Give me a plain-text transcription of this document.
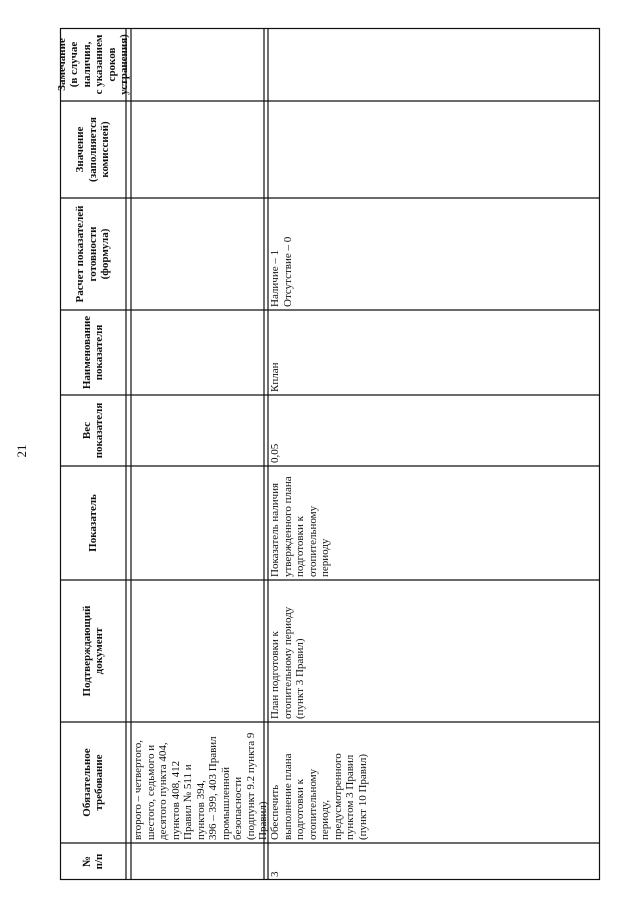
21
№ п/п
Обязательное требование
Подтверждающий документ
Показатель
Вес показателя
Наименование показателя
Расчет показателей готовности (формула)
Значение (заполняется комиссией)
Замечание (в случае наличия, с указанием сроков устранения)
второго – четвертого, шестого, седьмого и десятого пункта 404, пунктов 408, 412 Правил № 511 и пунктов 394, 396 – 399, 403 Правил промышленной безопасности (подпункт 9.2 пункта 9 Правил)
3
Обеспечить выполнение плана подготовки к отопительному периоду, предусмотренного пунктом 3 Правил (пункт 10 Правил)
План подготовки к отопительному периоду (пункт 3 Правил)
Показатель наличия утвержденного плана подготовки к отопительному периоду
0,05
Кплан
Наличие – 1 Отсутствие – 0
